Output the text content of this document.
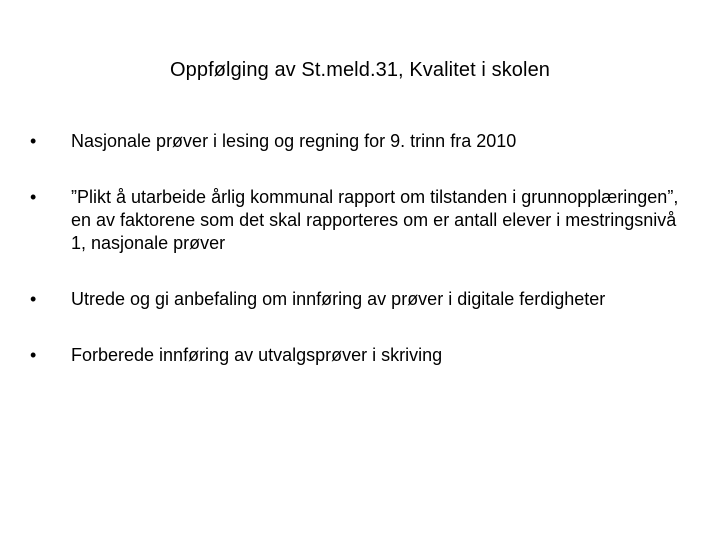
Oppfølging av St.meld.31, Kvalitet i skolen
•	Nasjonale prøver i lesing og regning for 9. trinn fra 2010
•	”Plikt å utarbeide årlig kommunal rapport om tilstanden i grunnopplæringen”, en av faktorene som det skal rapporteres om er antall elever i mestringsnivå 1, nasjonale prøver
•	Utrede og gi anbefaling om innføring av prøver i digitale ferdigheter
•	Forberede innføring av utvalgsprøver i skriving
